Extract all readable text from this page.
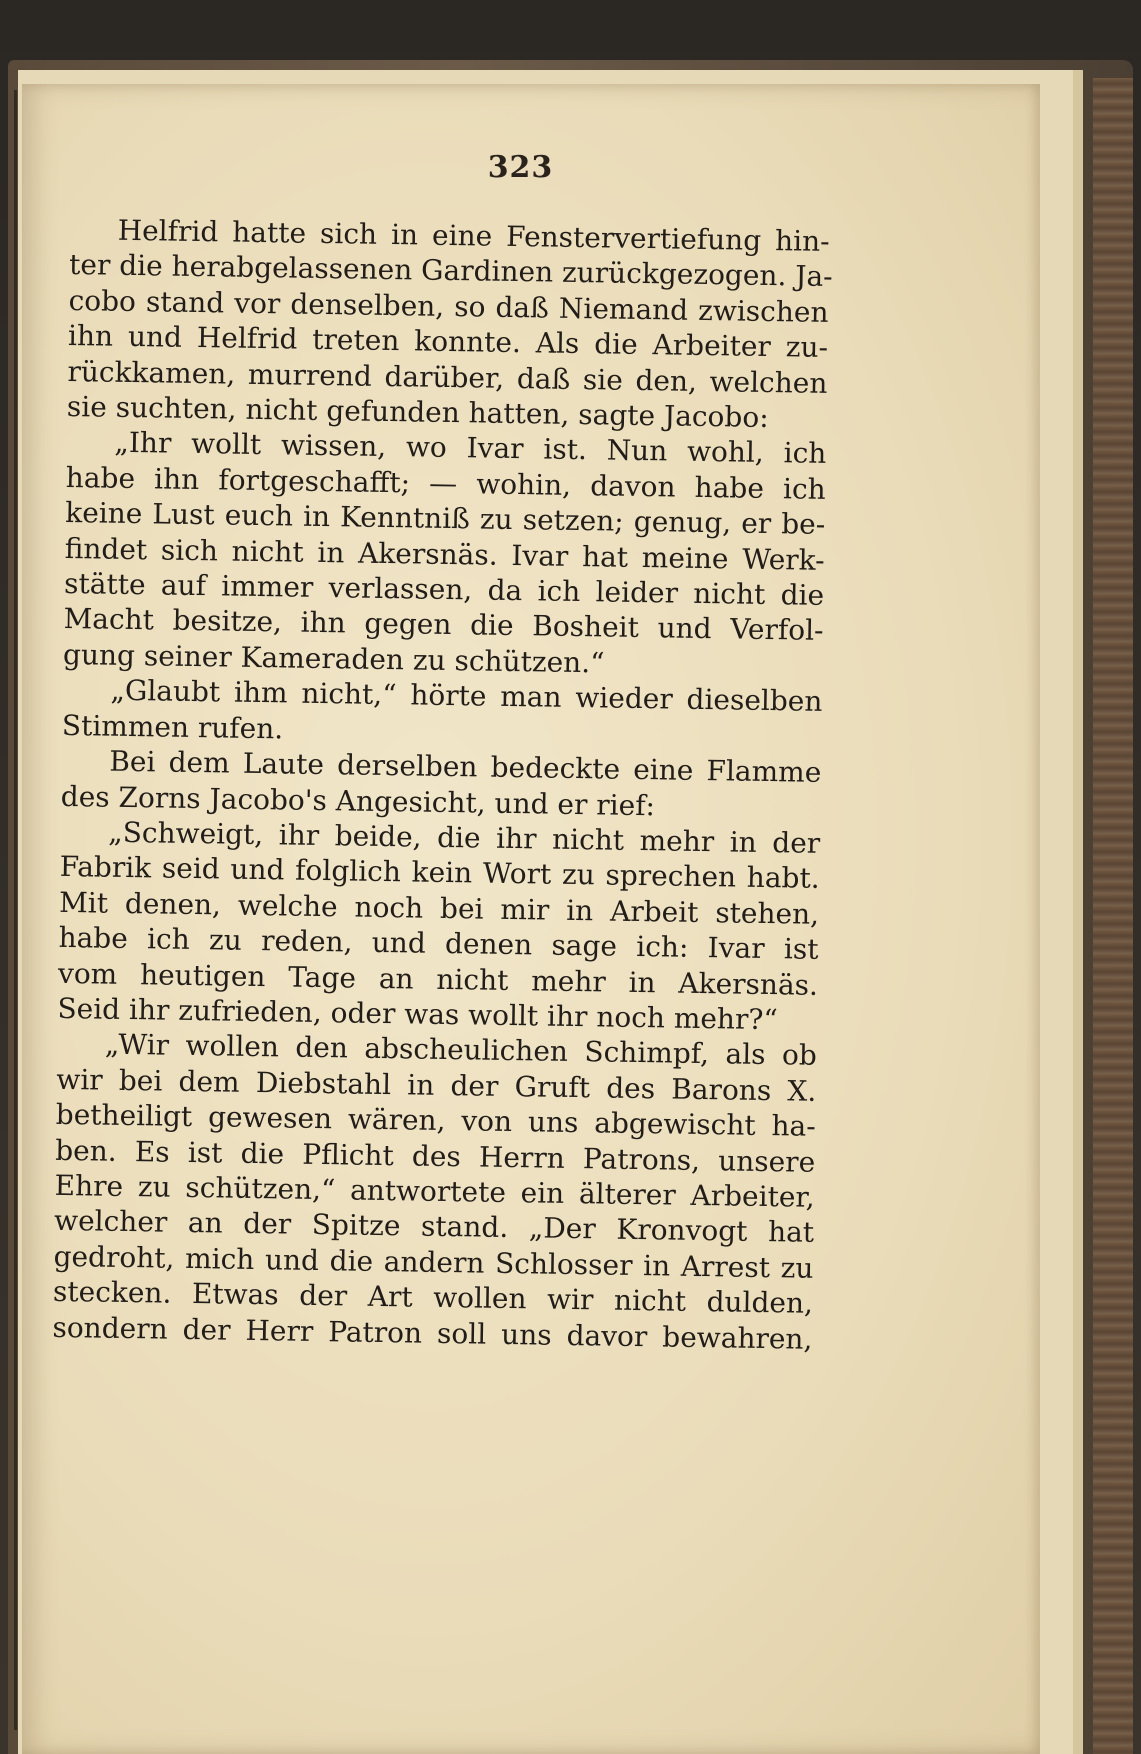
323
Helfrid hatte sich in eine Fenstervertiefung hin-
ter die herabgelassenen Gardinen zurückgezogen. Ja-
cobo stand vor denselben, so daß Niemand zwischen
ihn und Helfrid treten konnte. Als die Arbeiter zu-
rückkamen, murrend darüber, daß sie den, welchen
sie suchten, nicht gefunden hatten, sagte Jacobo:
„Ihr wollt wissen, wo Ivar ist. Nun wohl, ich
habe ihn fortgeschafft; — wohin, davon habe ich
keine Lust euch in Kenntniß zu setzen; genug, er be-
findet sich nicht in Akersnäs. Ivar hat meine Werk-
stätte auf immer verlassen, da ich leider nicht die
Macht besitze, ihn gegen die Bosheit und Verfol-
gung seiner Kameraden zu schützen.“
„Glaubt ihm nicht,“ hörte man wieder dieselben
Stimmen rufen.
Bei dem Laute derselben bedeckte eine Flamme
des Zorns Jacobo's Angesicht, und er rief:
„Schweigt, ihr beide, die ihr nicht mehr in der
Fabrik seid und folglich kein Wort zu sprechen habt.
Mit denen, welche noch bei mir in Arbeit stehen,
habe ich zu reden, und denen sage ich: Ivar ist
vom heutigen Tage an nicht mehr in Akersnäs.
Seid ihr zufrieden, oder was wollt ihr noch mehr?“
„Wir wollen den abscheulichen Schimpf, als ob
wir bei dem Diebstahl in der Gruft des Barons X.
betheiligt gewesen wären, von uns abgewischt ha-
ben. Es ist die Pflicht des Herrn Patrons, unsere
Ehre zu schützen,“ antwortete ein älterer Arbeiter,
welcher an der Spitze stand. „Der Kronvogt hat
gedroht, mich und die andern Schlosser in Arrest zu
stecken. Etwas der Art wollen wir nicht dulden,
sondern der Herr Patron soll uns davor bewahren,
